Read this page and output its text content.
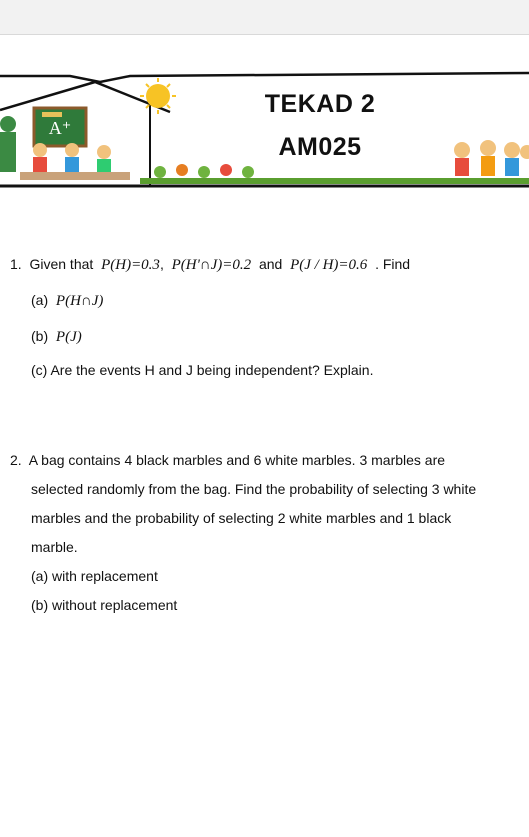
A⁺
TEKAD 2
AM025
1. Given that P(H)=0.3,  P(H'∩J)=0.2 and P(J / H)=0.6 . Find
(a) P(H∩J)
(b) P(J)
(c) Are the events H and J being independent? Explain.
2. A bag contains 4 black marbles and 6 white marbles. 3 marbles are
selected randomly from the bag. Find the probability of selecting 3 white
marbles and the probability of selecting 2 white marbles and 1 black
marble.
(a) with replacement
(b) without replacement
